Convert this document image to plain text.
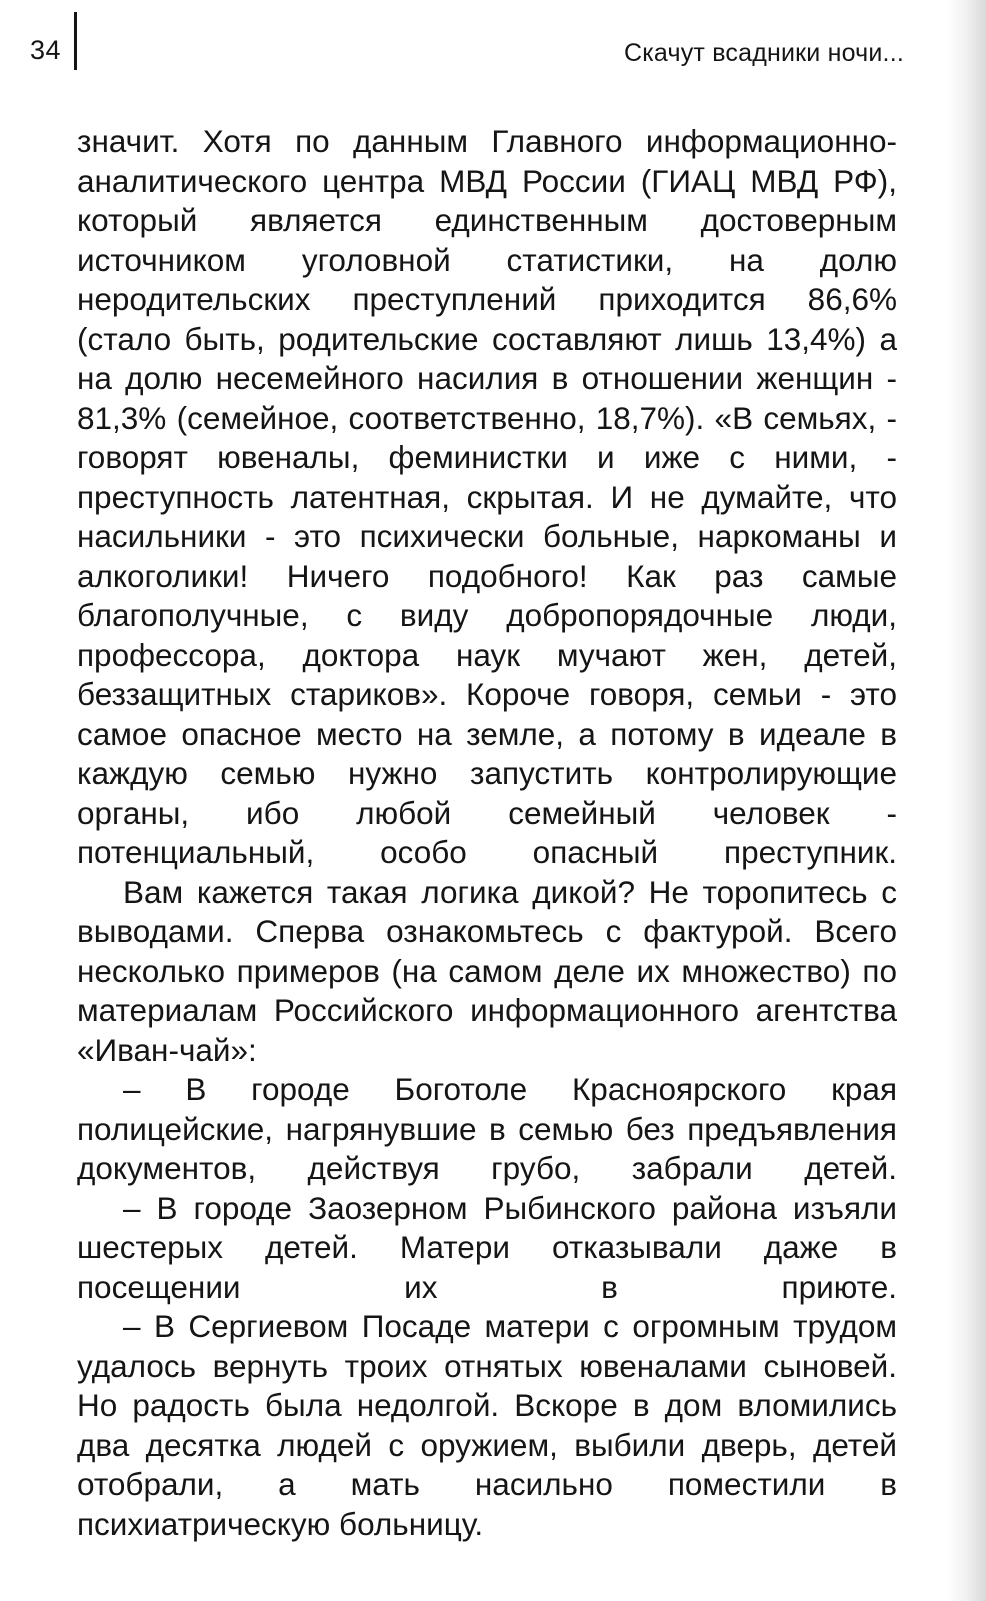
34	Скачут всадники ночи...

значит. Хотя по данным Главного информационно-аналитического центра МВД России (ГИАЦ МВД РФ), который является единственным достоверным источником уголовной статистики, на долю неродительских преступлений приходится 86,6% (стало быть, родительские составляют лишь 13,4%) а на долю несемейного насилия в отношении женщин - 81,3% (семейное, соответственно, 18,7%). «В семьях, - говорят ювеналы, феминистки и иже с ними, - преступность латентная, скрытая. И не думайте, что насильники - это психически больные, наркоманы и алкоголики! Ничего подобного! Как раз самые благополучные, с виду добропорядочные люди, профессора, доктора наук мучают жен, детей, беззащитных стариков». Короче говоря, семьи - это самое опасное место на земле, а потому в идеале в каждую семью нужно запустить контролирующие органы, ибо любой семейный человек - потенциальный, особо опасный преступник.

Вам кажется такая логика дикой? Не торопитесь с выводами. Сперва ознакомьтесь с фактурой. Всего несколько примеров (на самом деле их множество) по материалам Российского информационного агентства «Иван-чай»:

– В городе Боготоле Красноярского края полицейские, нагрянувшие в семью без предъявления документов, действуя грубо, забрали детей.

– В городе Заозерном Рыбинского района изъяли шестерых детей. Матери отказывали даже в посещении их в приюте.

– В Сергиевом Посаде матери с огромным трудом удалось вернуть троих отнятых ювеналами сыновей. Но радость была недолгой. Вскоре в дом вломились два десятка людей с оружием, выбили дверь, детей отобрали, а мать насильно поместили в психиатрическую больницу.
